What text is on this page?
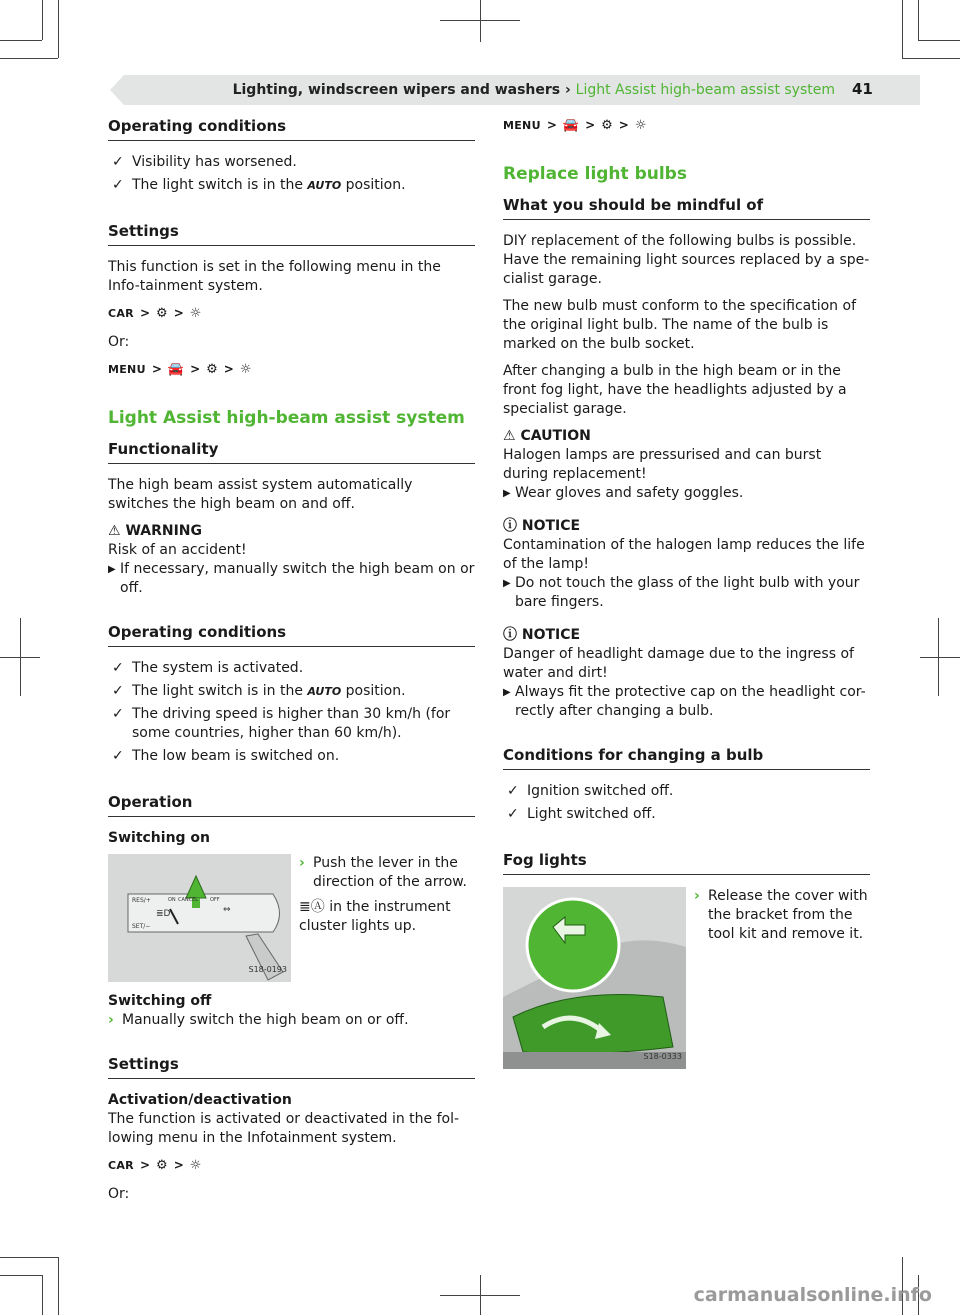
Lighting, windscreen wipers and washers › Light Assist high-beam assist system 41
Operating conditions
✓ Visibility has worsened.
✓ The light switch is in the AUTO position.
Settings

This function is set in the following menu in the Info-tainment system.

CAR > ⚙ > ☼

Or:

MENU > 🚘 > ⚙ > ☼
Light Assist high-beam assist system
Functionality

The high beam assist system automatically switches the high beam on and off.

⚠ WARNING

Risk of an accident!

▶ If necessary, manually switch the high beam on or off.
Operating conditions
✓ The system is activated.
✓ The light switch is in the AUTO position.
✓ The driving speed is higher than 30 km/h (for some countries, higher than 60 km/h).
✓ The low beam is switched on.
Operation

Switching on

RES/+
SET/−
ON CANCEL OFF
≣D	⇔
S18-0193
› Push the lever in the direction of the arrow.

≣Ⓐ in the instrument cluster lights up.

Switching off

› Manually switch the high beam on or off.
Settings

Activation/deactivation

The function is activated or deactivated in the fol-lowing menu in the Infotainment system.

CAR > ⚙ > ☼

Or:

MENU > 🚘 > ⚙ > ☼
Replace light bulbs
What you should be mindful of

DIY replacement of the following bulbs is possible. Have the remaining light sources replaced by a spe-cialist garage.

The new bulb must conform to the specification of the original light bulb. The name of the bulb is marked on the bulb socket.

After changing a bulb in the high beam or in the front fog light, have the headlights adjusted by a specialist garage.

⚠ CAUTION

Halogen lamps are pressurised and can burst during replacement!

▶ Wear gloves and safety goggles.

ⓘ NOTICE

Contamination of the halogen lamp reduces the life of the lamp!

▶ Do not touch the glass of the light bulb with your bare fingers.

ⓘ NOTICE

Danger of headlight damage due to the ingress of water and dirt!

▶ Always fit the protective cap on the headlight cor-rectly after changing a bulb.
Conditions for changing a bulb
✓ Ignition switched off.
✓ Light switched off.
Fog lights
S18-0333
› Release the cover with the bracket from the tool kit and remove it.
carmanualsonline.info
